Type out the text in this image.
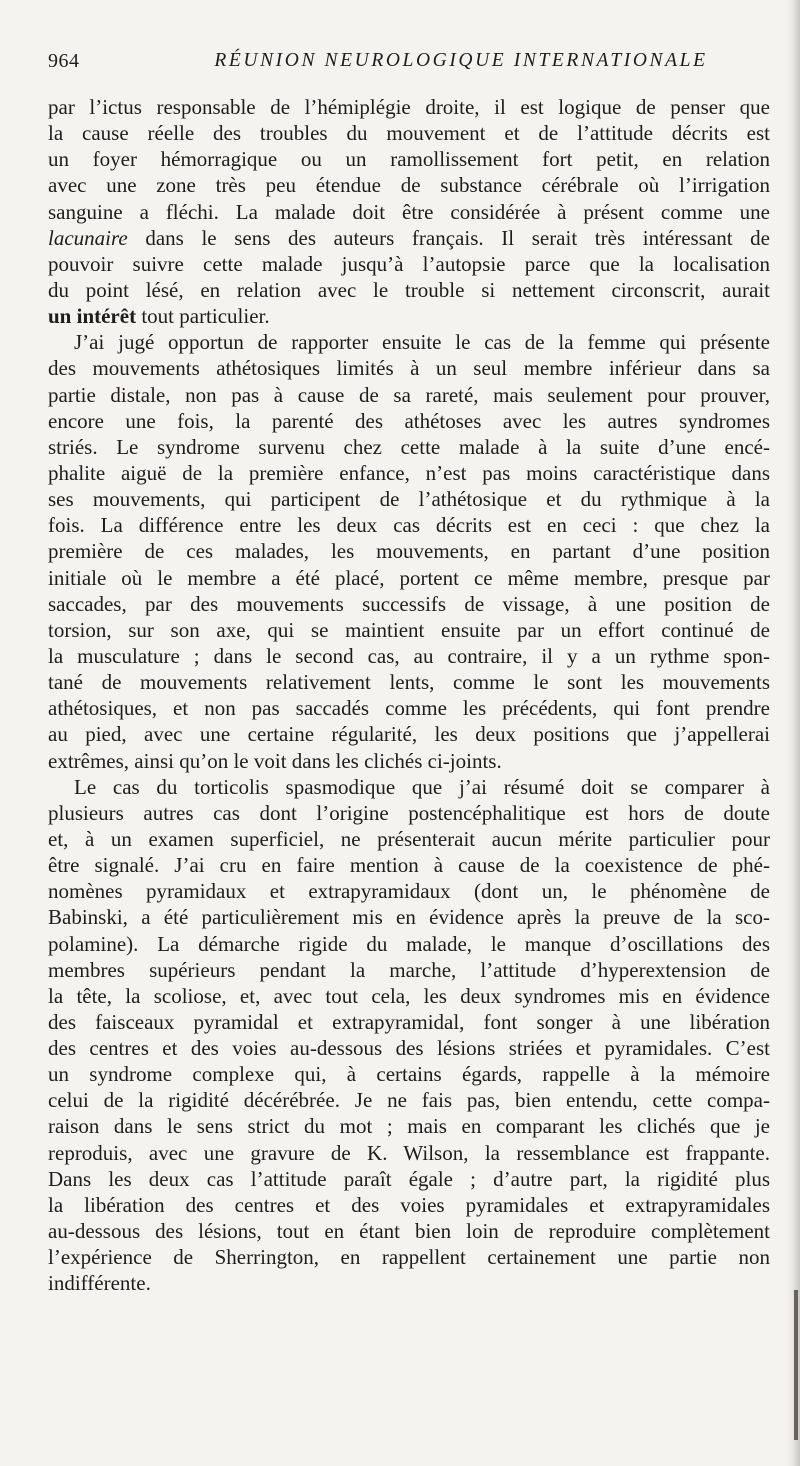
964	RÉUNION NEUROLOGIQUE INTERNATIONALE
par l’ictus responsable de l’hémiplégie droite, il est logique de penser que
la cause réelle des troubles du mouvement et de l’attitude décrits est
un foyer hémorragique ou un ramollissement fort petit, en relation
avec une zone très peu étendue de substance cérébrale où l’irrigation
sanguine a fléchi. La malade doit être considérée à présent comme une
lacunaire dans le sens des auteurs français. Il serait très intéressant de
pouvoir suivre cette malade jusqu’à l’autopsie parce que la localisation
du point lésé, en relation avec le trouble si nettement circonscrit, aurait
un intérêt tout particulier.
J’ai jugé opportun de rapporter ensuite le cas de la femme qui présente
des mouvements athétosiques limités à un seul membre inférieur dans sa
partie distale, non pas à cause de sa rareté, mais seulement pour prouver,
encore une fois, la parenté des athétoses avec les autres syndromes
striés. Le syndrome survenu chez cette malade à la suite d’une encé-
phalite aiguë de la première enfance, n’est pas moins caractéristique dans
ses mouvements, qui participent de l’athétosique et du rythmique à la
fois. La différence entre les deux cas décrits est en ceci : que chez la
première de ces malades, les mouvements, en partant d’une position
initiale où le membre a été placé, portent ce même membre, presque par
saccades, par des mouvements successifs de vissage, à une position de
torsion, sur son axe, qui se maintient ensuite par un effort continué de
la musculature ; dans le second cas, au contraire, il y a un rythme spon-
tané de mouvements relativement lents, comme le sont les mouvements
athétosiques, et non pas saccadés comme les précédents, qui font prendre
au pied, avec une certaine régularité, les deux positions que j’appellerai
extrêmes, ainsi qu’on le voit dans les clichés ci-joints.
Le cas du torticolis spasmodique que j’ai résumé doit se comparer à
plusieurs autres cas dont l’origine postencéphalitique est hors de doute
et, à un examen superficiel, ne présenterait aucun mérite particulier pour
être signalé. J’ai cru en faire mention à cause de la coexistence de phé-
nomènes pyramidaux et extrapyramidaux (dont un, le phénomène de
Babinski, a été particulièrement mis en évidence après la preuve de la sco-
polamine). La démarche rigide du malade, le manque d’oscillations des
membres supérieurs pendant la marche, l’attitude d’hyperextension de
la tête, la scoliose, et, avec tout cela, les deux syndromes mis en évidence
des faisceaux pyramidal et extrapyramidal, font songer à une libération
des centres et des voies au-dessous des lésions striées et pyramidales. C’est
un syndrome complexe qui, à certains égards, rappelle à la mémoire
celui de la rigidité décérébrée. Je ne fais pas, bien entendu, cette compa-
raison dans le sens strict du mot ; mais en comparant les clichés que je
reproduis, avec une gravure de K. Wilson, la ressemblance est frappante.
Dans les deux cas l’attitude paraît égale ; d’autre part, la rigidité plus
la libération des centres et des voies pyramidales et extrapyramidales
au-dessous des lésions, tout en étant bien loin de reproduire complètement
l’expérience de Sherrington, en rappellent certainement une partie non
indifférente.
